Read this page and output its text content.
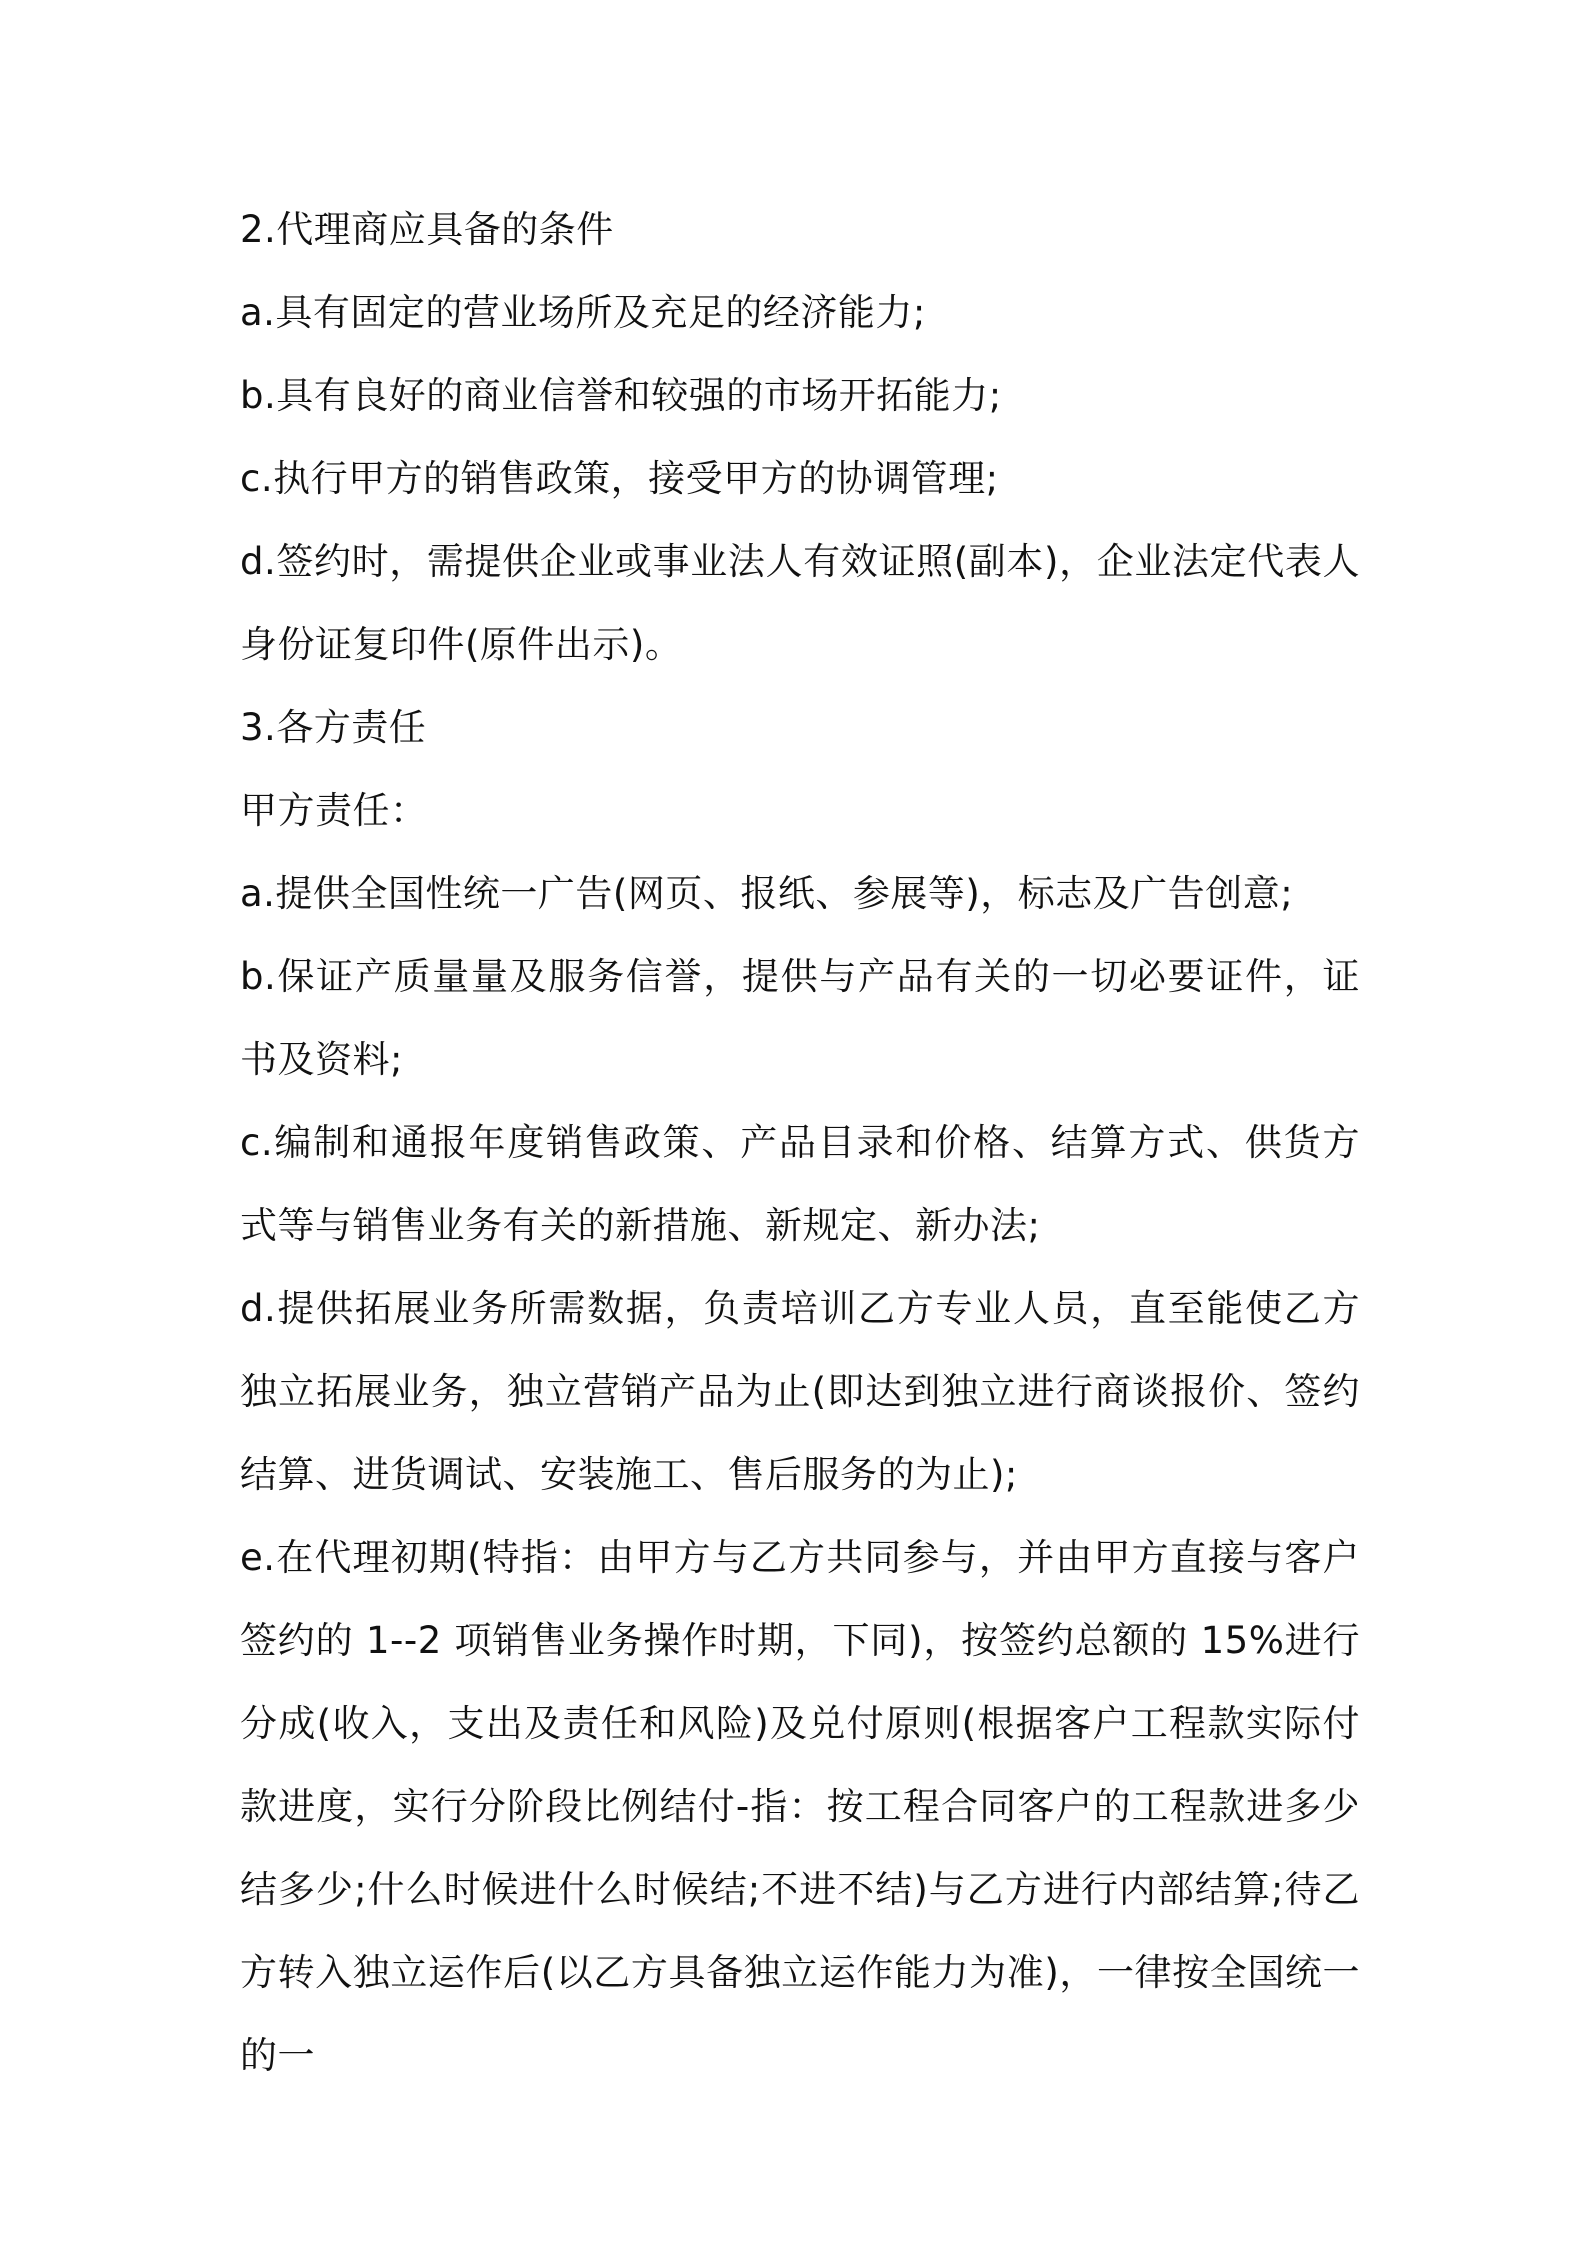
2.代理商应具备的条件

a.具有固定的营业场所及充足的经济能力;

b.具有良好的商业信誉和较强的市场开拓能力;

c.执行甲方的销售政策，接受甲方的协调管理;

d.签约时，需提供企业或事业法人有效证照(副本)，企业法定代表人身份证复印件(原件出示)。

3.各方责任

甲方责任：

a.提供全国性统一广告(网页、报纸、参展等)，标志及广告创意;

b.保证产质量量及服务信誉，提供与产品有关的一切必要证件，证书及资料;

c.编制和通报年度销售政策、产品目录和价格、结算方式、供货方式等与销售业务有关的新措施、新规定、新办法;

d.提供拓展业务所需数据，负责培训乙方专业人员，直至能使乙方独立拓展业务，独立营销产品为止(即达到独立进行商谈报价、签约结算、进货调试、安装施工、售后服务的为止);

e.在代理初期(特指：由甲方与乙方共同参与，并由甲方直接与客户签约的 1--2 项销售业务操作时期，下同)，按签约总额的 15%进行分成(收入，支出及责任和风险)及兑付原则(根据客户工程款实际付款进度，实行分阶段比例结付-指：按工程合同客户的工程款进多少结多少;什么时候进什么时候结;不进不结)与乙方进行内部结算;待乙方转入独立运作后(以乙方具备独立运作能力为准)，一律按全国统一的一
